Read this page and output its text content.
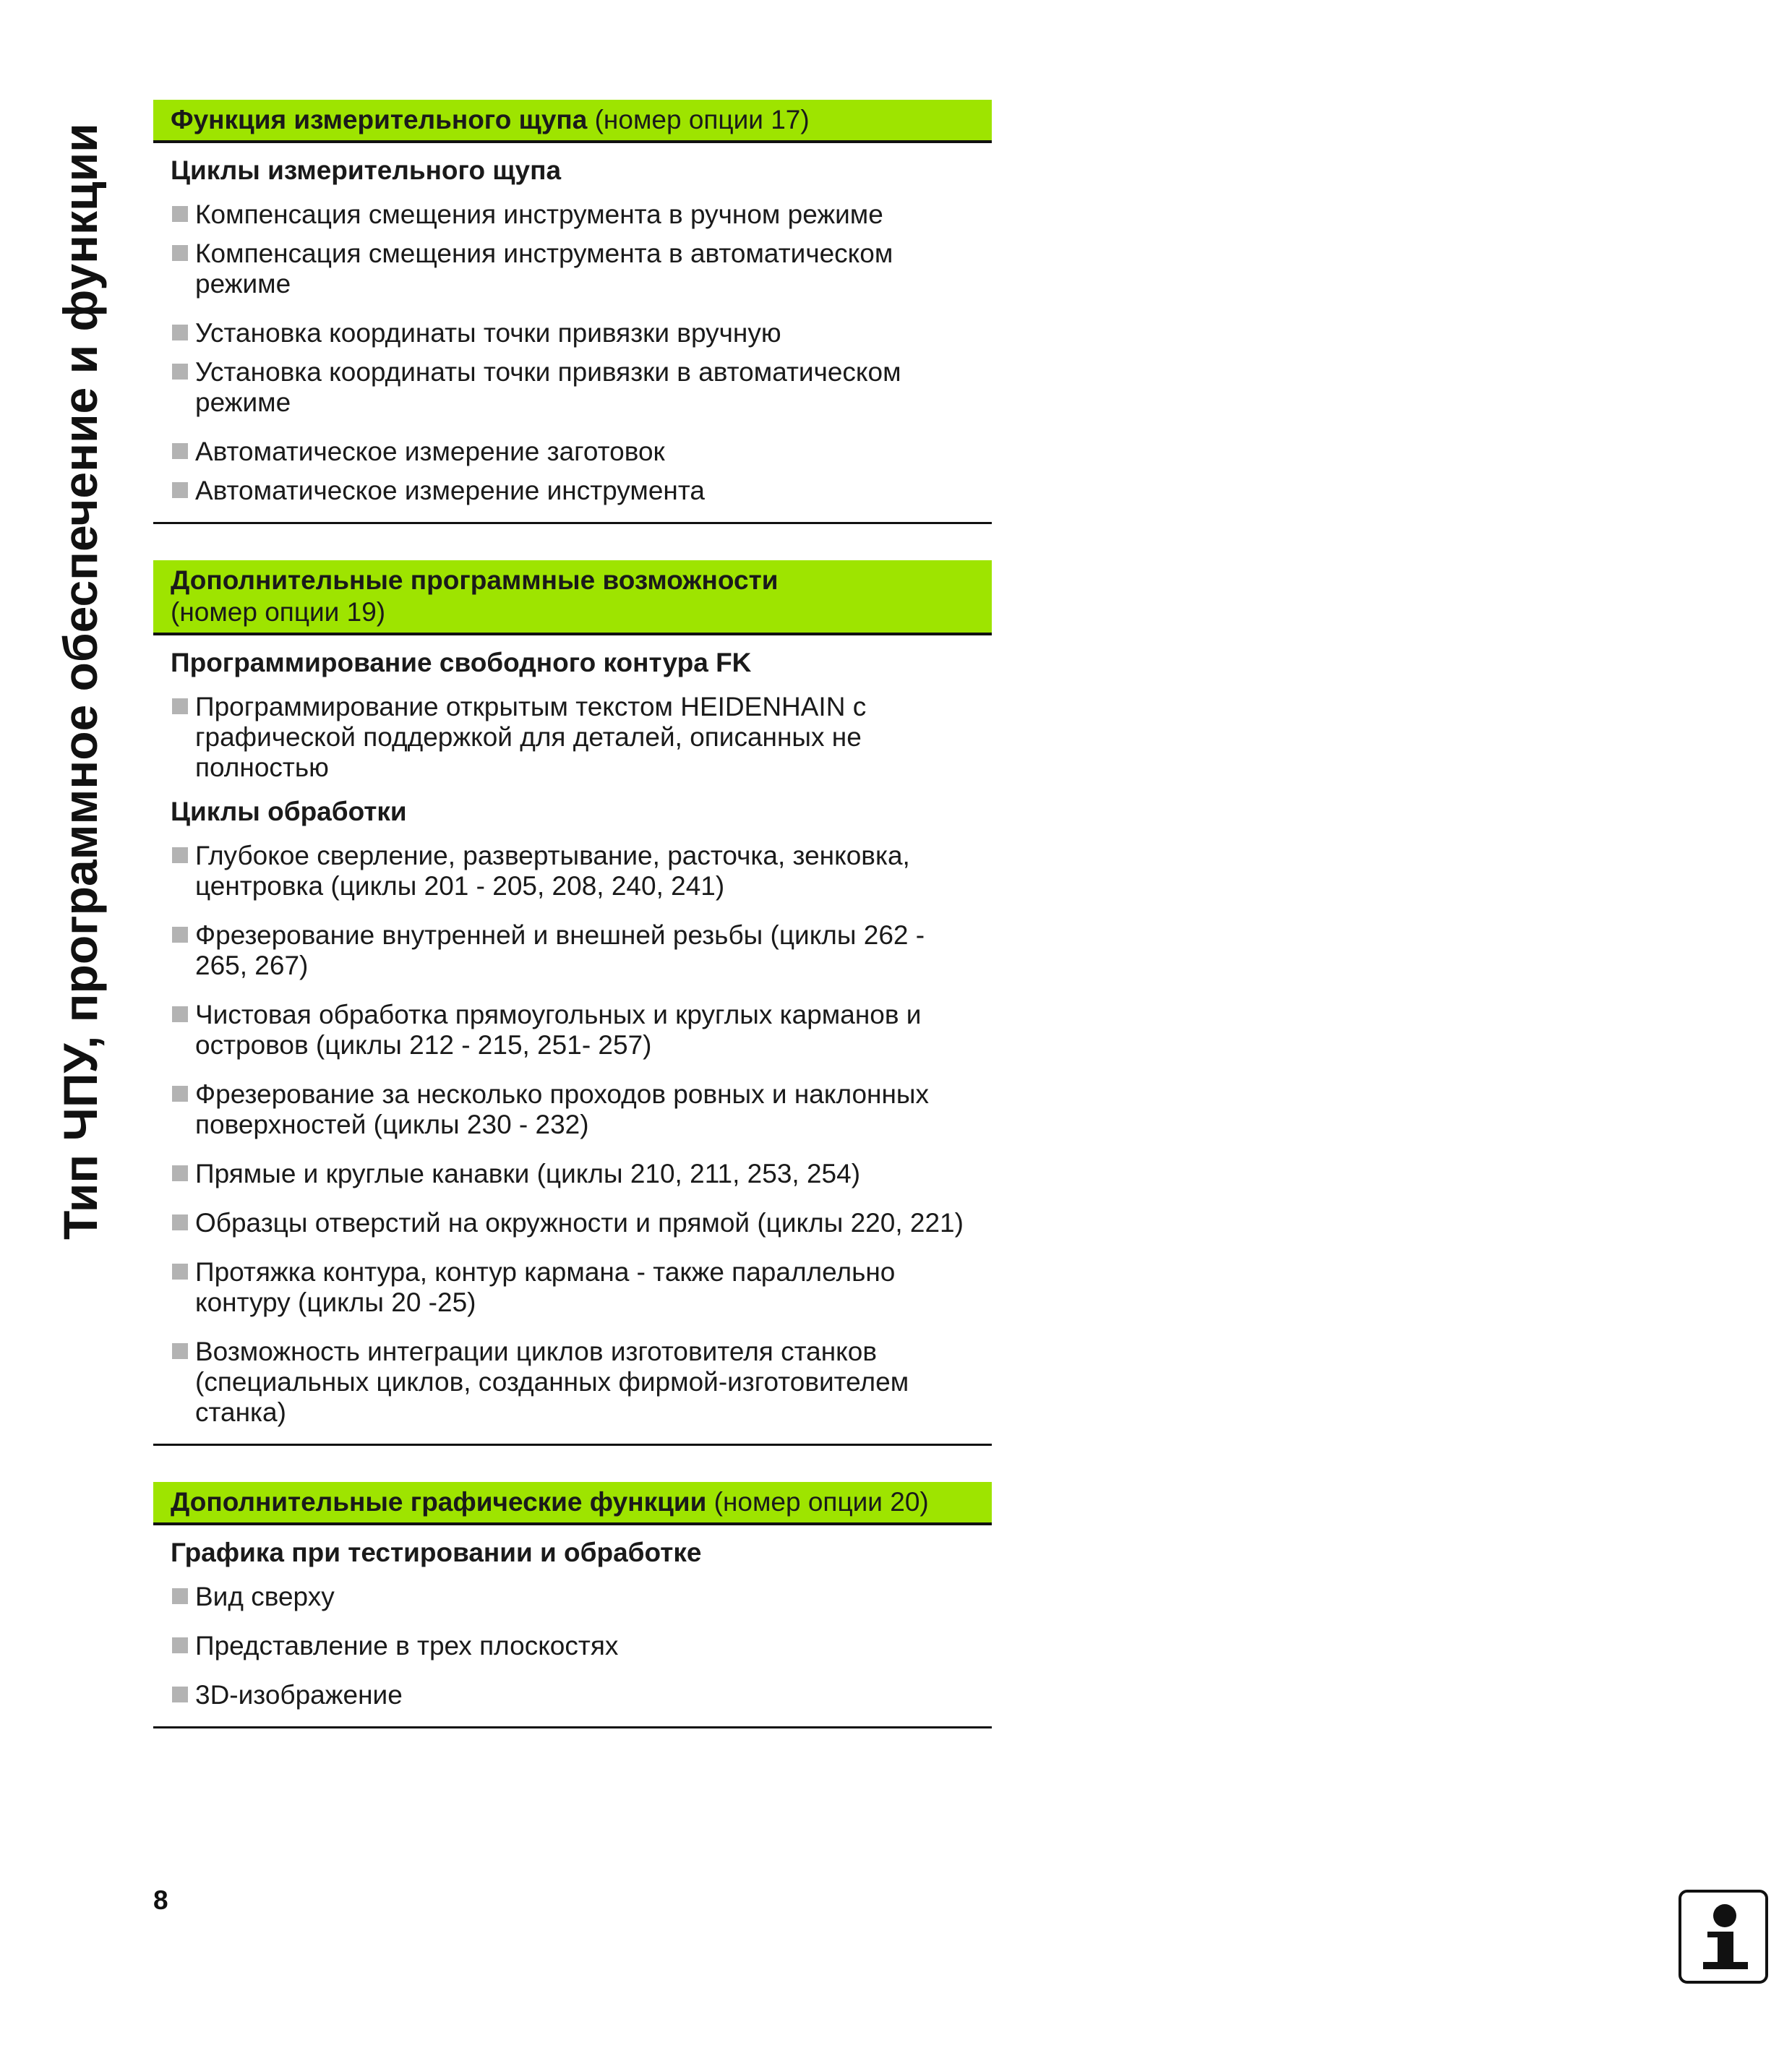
Тип ЧПУ, программное обеспечение и функции
Функция измерительного щупа (номер опции 17)
Циклы измерительного щупа
Компенсация смещения инструмента в ручном режиме
Компенсация смещения инструмента в автоматическом режиме
Установка координаты точки привязки вручную
Установка координаты точки привязки в автоматическом режиме
Автоматическое измерение заготовок
Автоматическое измерение инструмента
Дополнительные программные возможности
(номер опции 19)
Программирование свободного контура FK
Программирование открытым текстом HEIDENHAIN с графической поддержкой для деталей, описанных не полностью
Циклы обработки
Глубокое сверление, развертывание, расточка, зенковка, центровка (циклы 201 - 205, 208, 240, 241)
Фрезерование внутренней и внешней резьбы (циклы 262 - 265, 267)
Чистовая обработка прямоугольных и круглых карманов и островов (циклы 212 - 215, 251- 257)
Фрезерование за несколько проходов ровных и наклонных поверхностей (циклы 230 - 232)
Прямые и круглые канавки (циклы 210, 211, 253, 254)
Образцы отверстий на окружности и прямой (циклы 220, 221)
Протяжка контура, контур кармана - также параллельно контуру (циклы 20 -25)
Возможность интеграции циклов изготовителя станков (специальных циклов, созданных фирмой-изготовителем станка)
Дополнительные графические функции (номер опции 20)
Графика при тестировании и обработке
Вид сверху
Представление в трех плоскостях
3D-изображение
8
